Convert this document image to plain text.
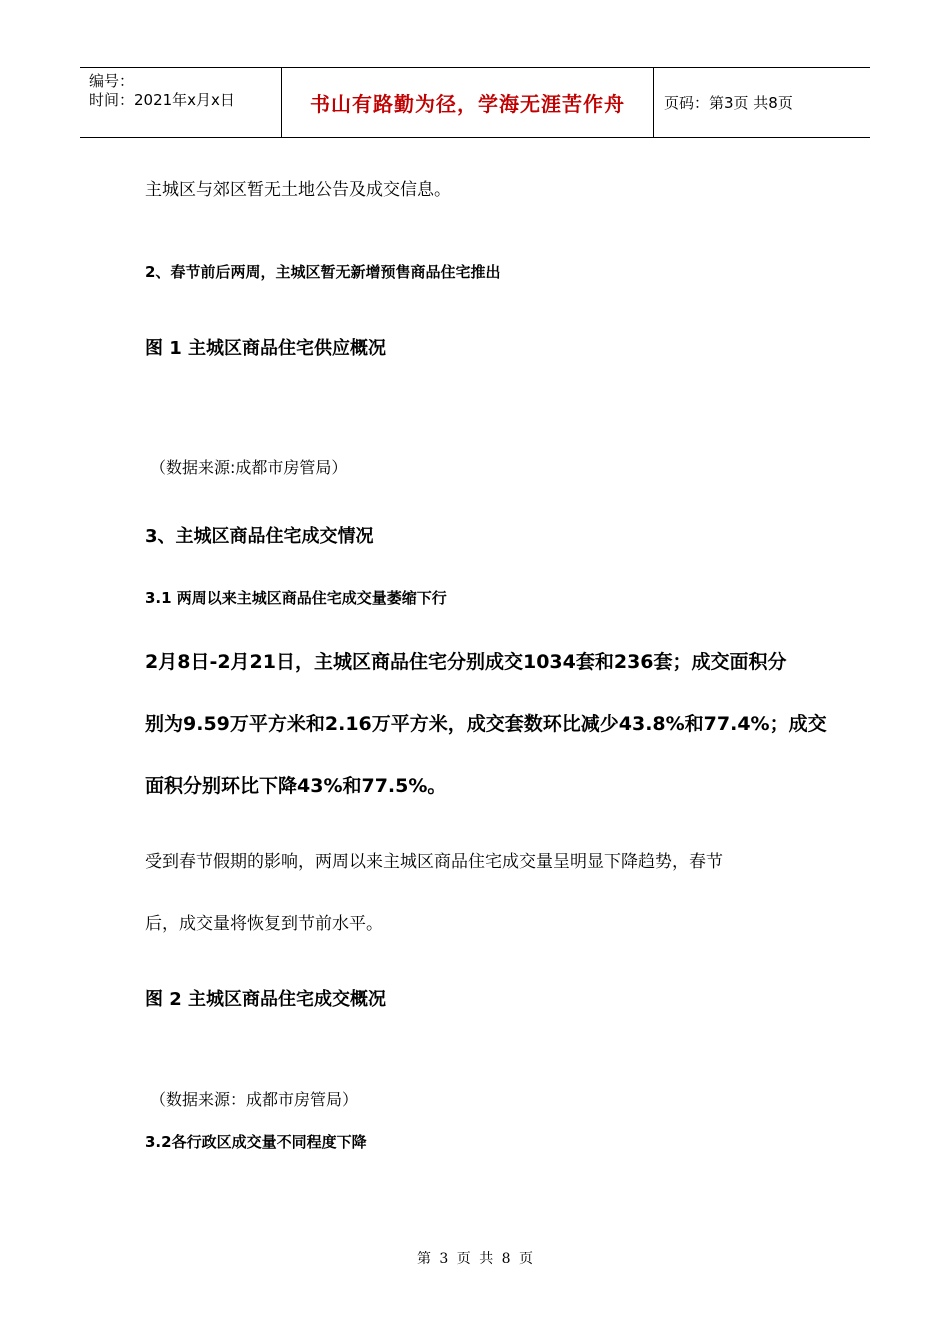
编号：
时间：2021年x月x日	书山有路勤为径，学海无涯苦作舟	页码：第3页 共8页
主城区与郊区暂无土地公告及成交信息。
2、春节前后两周，主城区暂无新增预售商品住宅推出
图 1 主城区商品住宅供应概况
（数据来源:成都市房管局）
3、主城区商品住宅成交情况
3.1 两周以来主城区商品住宅成交量萎缩下行
2月8日-2月21日，主城区商品住宅分别成交1034套和236套；成交面积分
别为9.59万平方米和2.16万平方米，成交套数环比减少43.8%和77.4%；成交
面积分别环比下降43%和77.5%。
受到春节假期的影响，两周以来主城区商品住宅成交量呈明显下降趋势，春节
后，成交量将恢复到节前水平。
图 2 主城区商品住宅成交概况
（数据来源：成都市房管局）
3.2各行政区成交量不同程度下降
第 3 页 共 8 页
